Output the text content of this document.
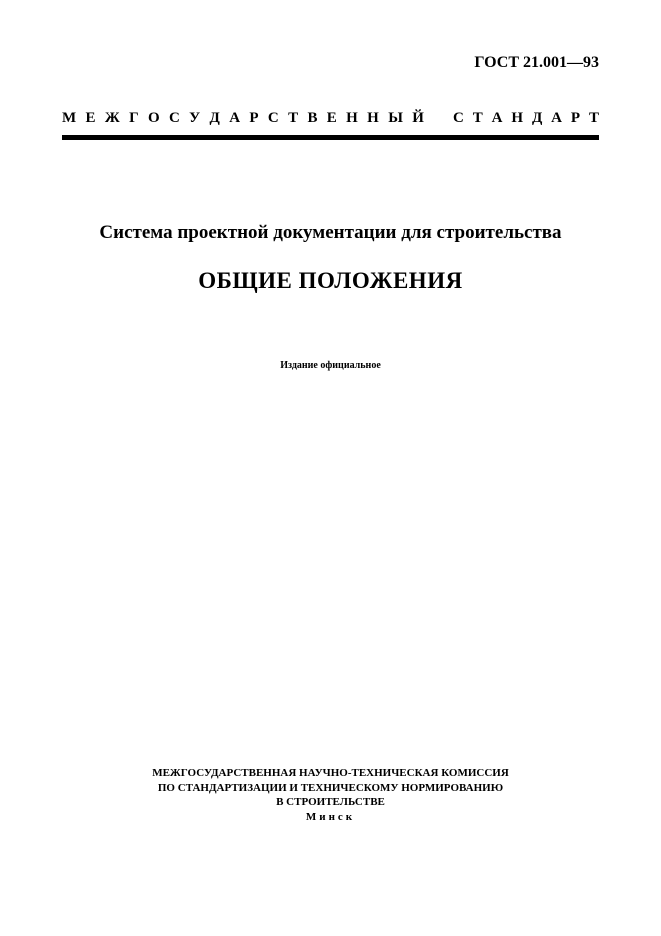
ГОСТ 21.001—93
М Е Ж Г О С У Д А Р С Т В Е Н Н Ы Й С Т А Н Д А Р Т
Система проектной документации для строительства
ОБЩИЕ ПОЛОЖЕНИЯ
Издание официальное
МЕЖГОСУДАРСТВЕННАЯ НАУЧНО-ТЕХНИЧЕСКАЯ КОМИССИЯ
ПО СТАНДАРТИЗАЦИИ И ТЕХНИЧЕСКОМУ НОРМИРОВАНИЮ
В СТРОИТЕЛЬСТВЕ
Минск
